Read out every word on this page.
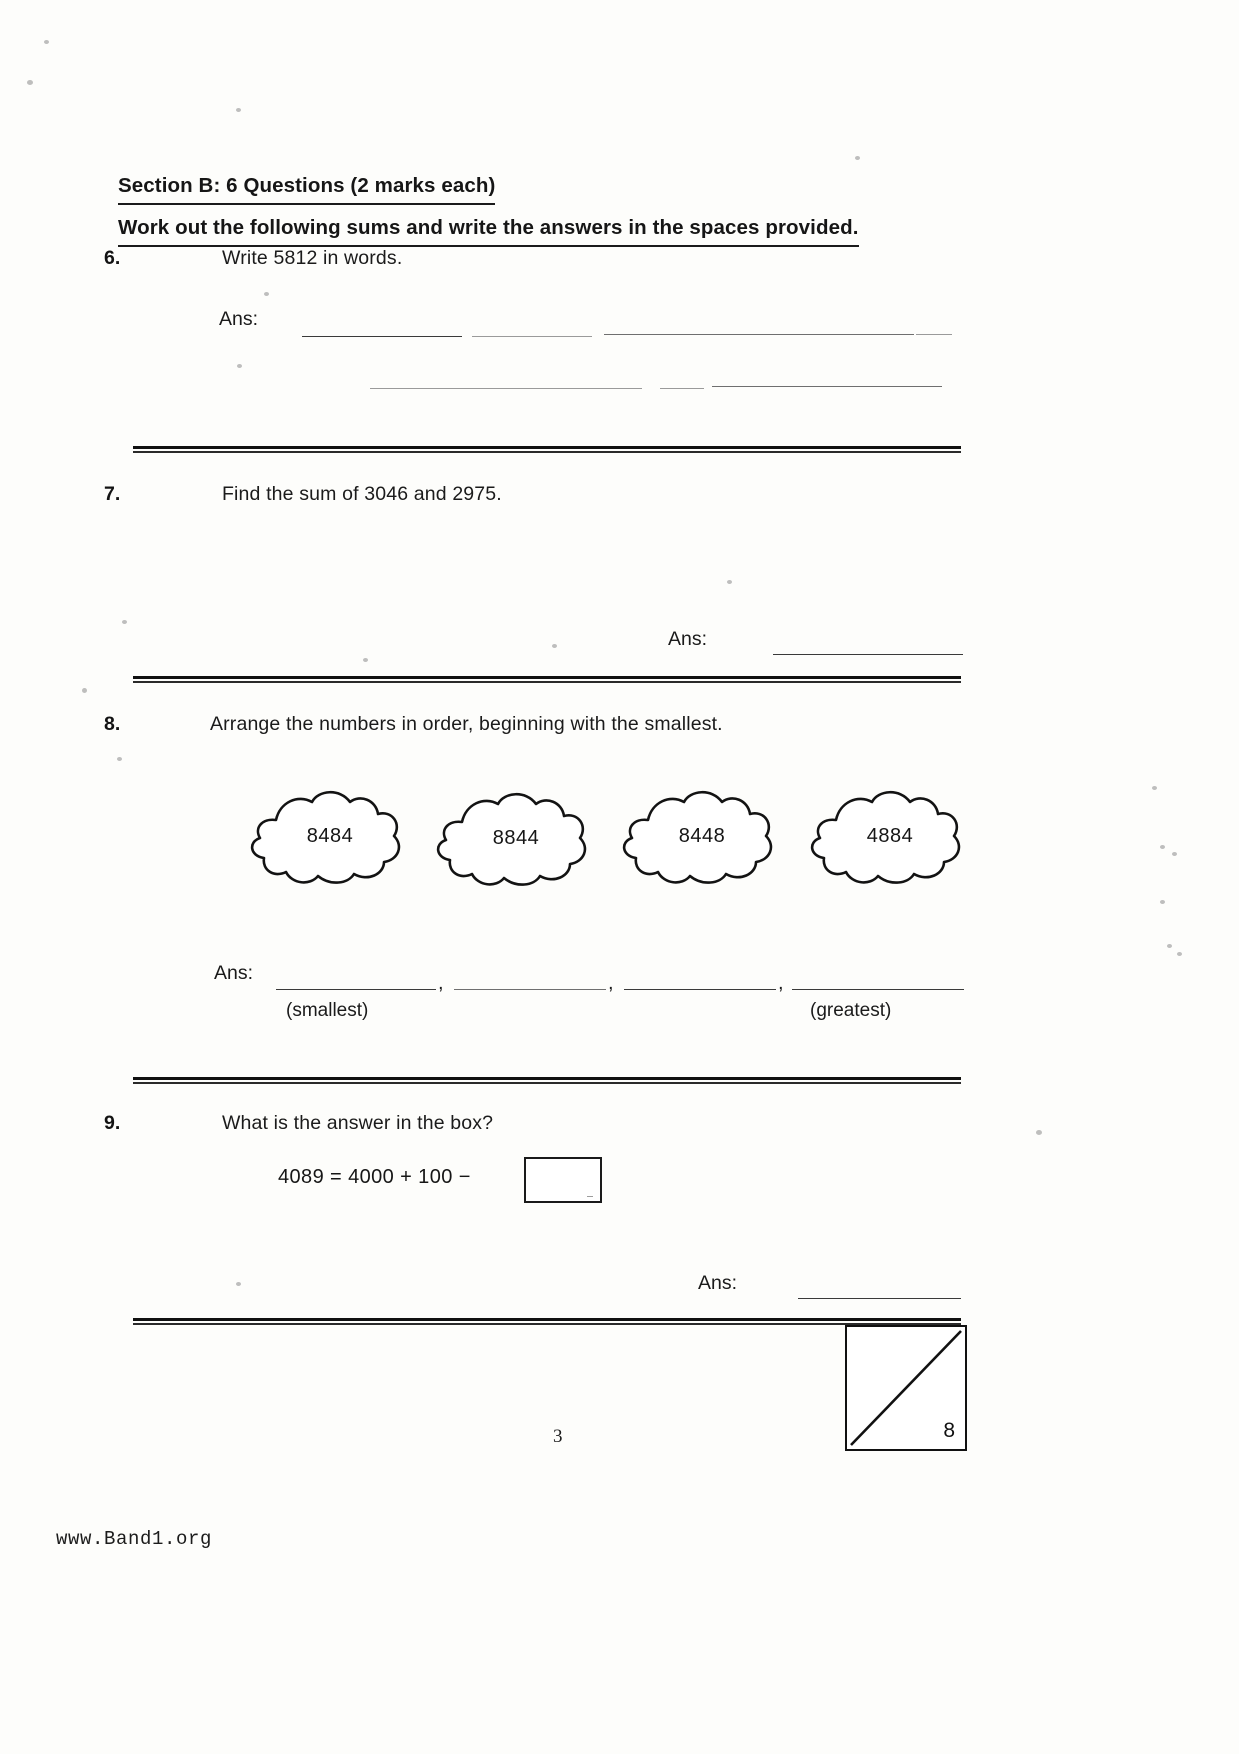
Section B: 6 Questions (2 marks each)
Work out the following sums and write the answers in the spaces provided.
6.	Write 5812 in words.
Ans:
7.	Find the sum of 3046 and 2975.
Ans:
8.	Arrange the numbers in order, beginning with the smallest.
8484	8844	8448	4884
Ans:	,	,	,
(smallest)	(greatest)
9.	What is the answer in the box?
4089 = 4000 + 100 −
Ans:
8
3
www.Band1.org
